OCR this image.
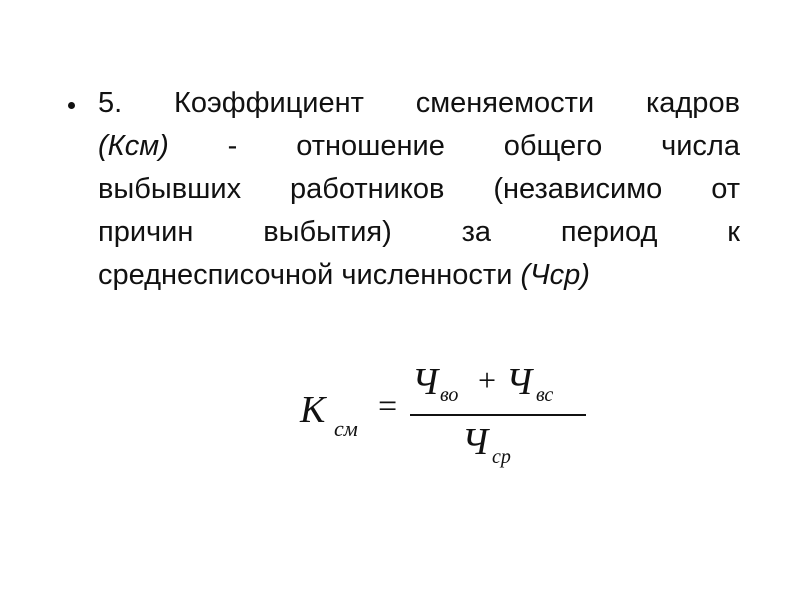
5. Коэффициент сменяемости кадров
(Ксм) - отношение общего числа
выбывших работников (независимо от
причин выбытия) за период к
среднесписочной численности (Чср)
К см
=
Ч во + Ч вс
Ч ср
